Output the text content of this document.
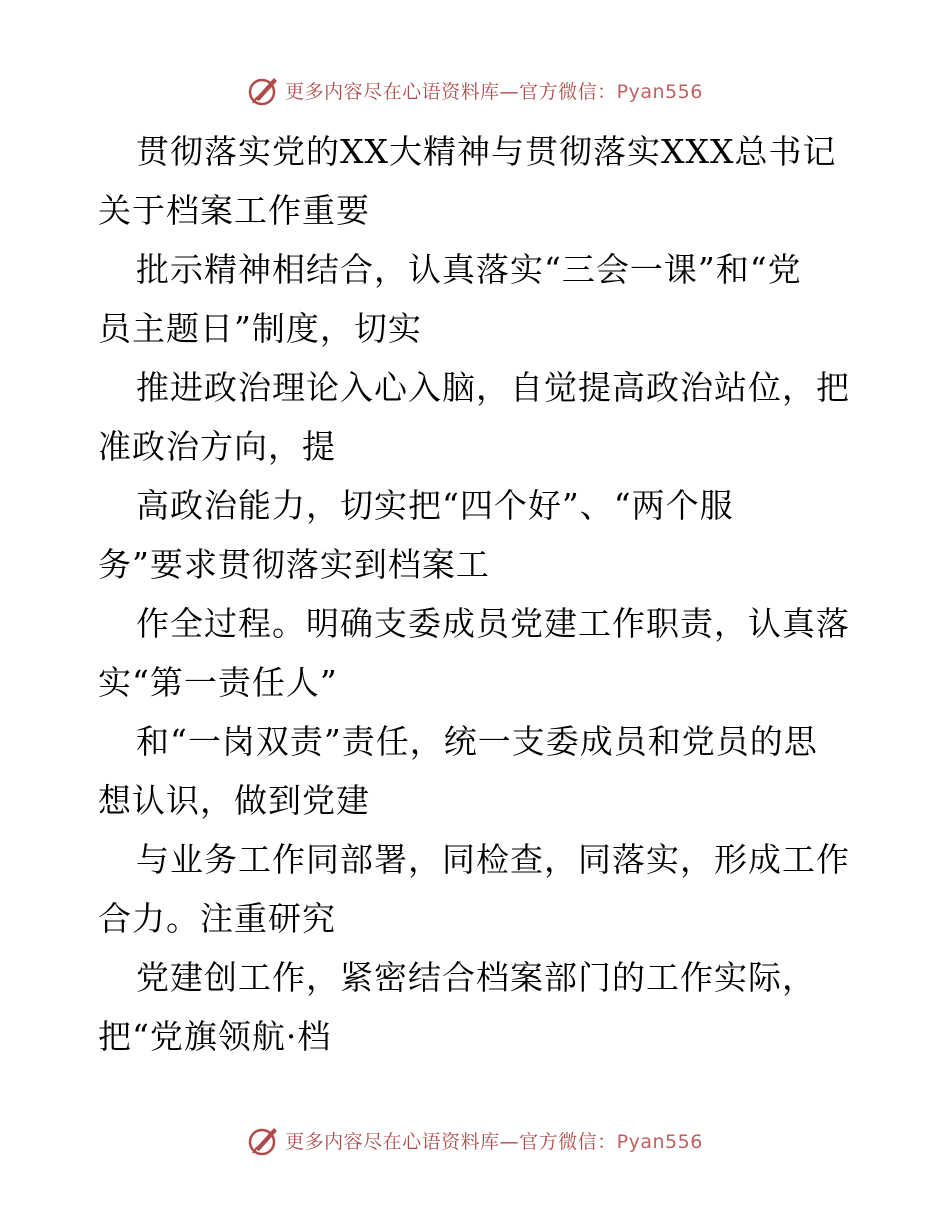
更多内容尽在心语资料库—官方微信：Pyan556
贯彻落实党的XX大精神与贯彻落实XXX总书记
关于档案工作重要
批示精神相结合，认真落实“三会一课”和“党
员主题日”制度，切实
推进政治理论入心入脑，自觉提高政治站位，把
准政治方向，提
高政治能力，切实把“四个好”、“两个服
务”要求贯彻落实到档案工
作全过程。明确支委成员党建工作职责，认真落
实“第一责任人”
和“一岗双责”责任，统一支委成员和党员的思
想认识，做到党建
与业务工作同部署，同检查，同落实，形成工作
合力。注重研究
党建创工作，紧密结合档案部门的工作实际，
把“党旗领航·档
更多内容尽在心语资料库—官方微信：Pyan556
